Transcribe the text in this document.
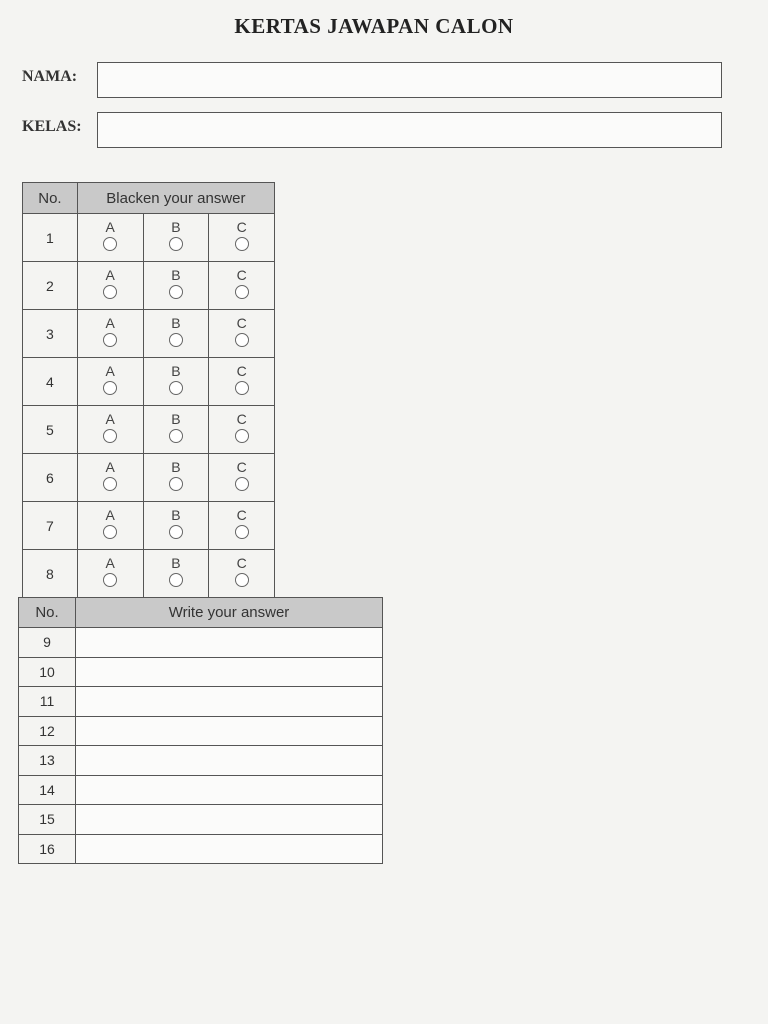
KERTAS JAWAPAN CALON
NAMA:
KELAS:
No.	Blacken your answer		
1	A	B	C

2	A	B	C

3	A	B	C

4	A	B	C

5	A	B	C

6	A	B	C

7	A	B	C

8	A	B	C
No.	Write your answer
9	
10	
11	
12	
13	
14	
15	
16	
